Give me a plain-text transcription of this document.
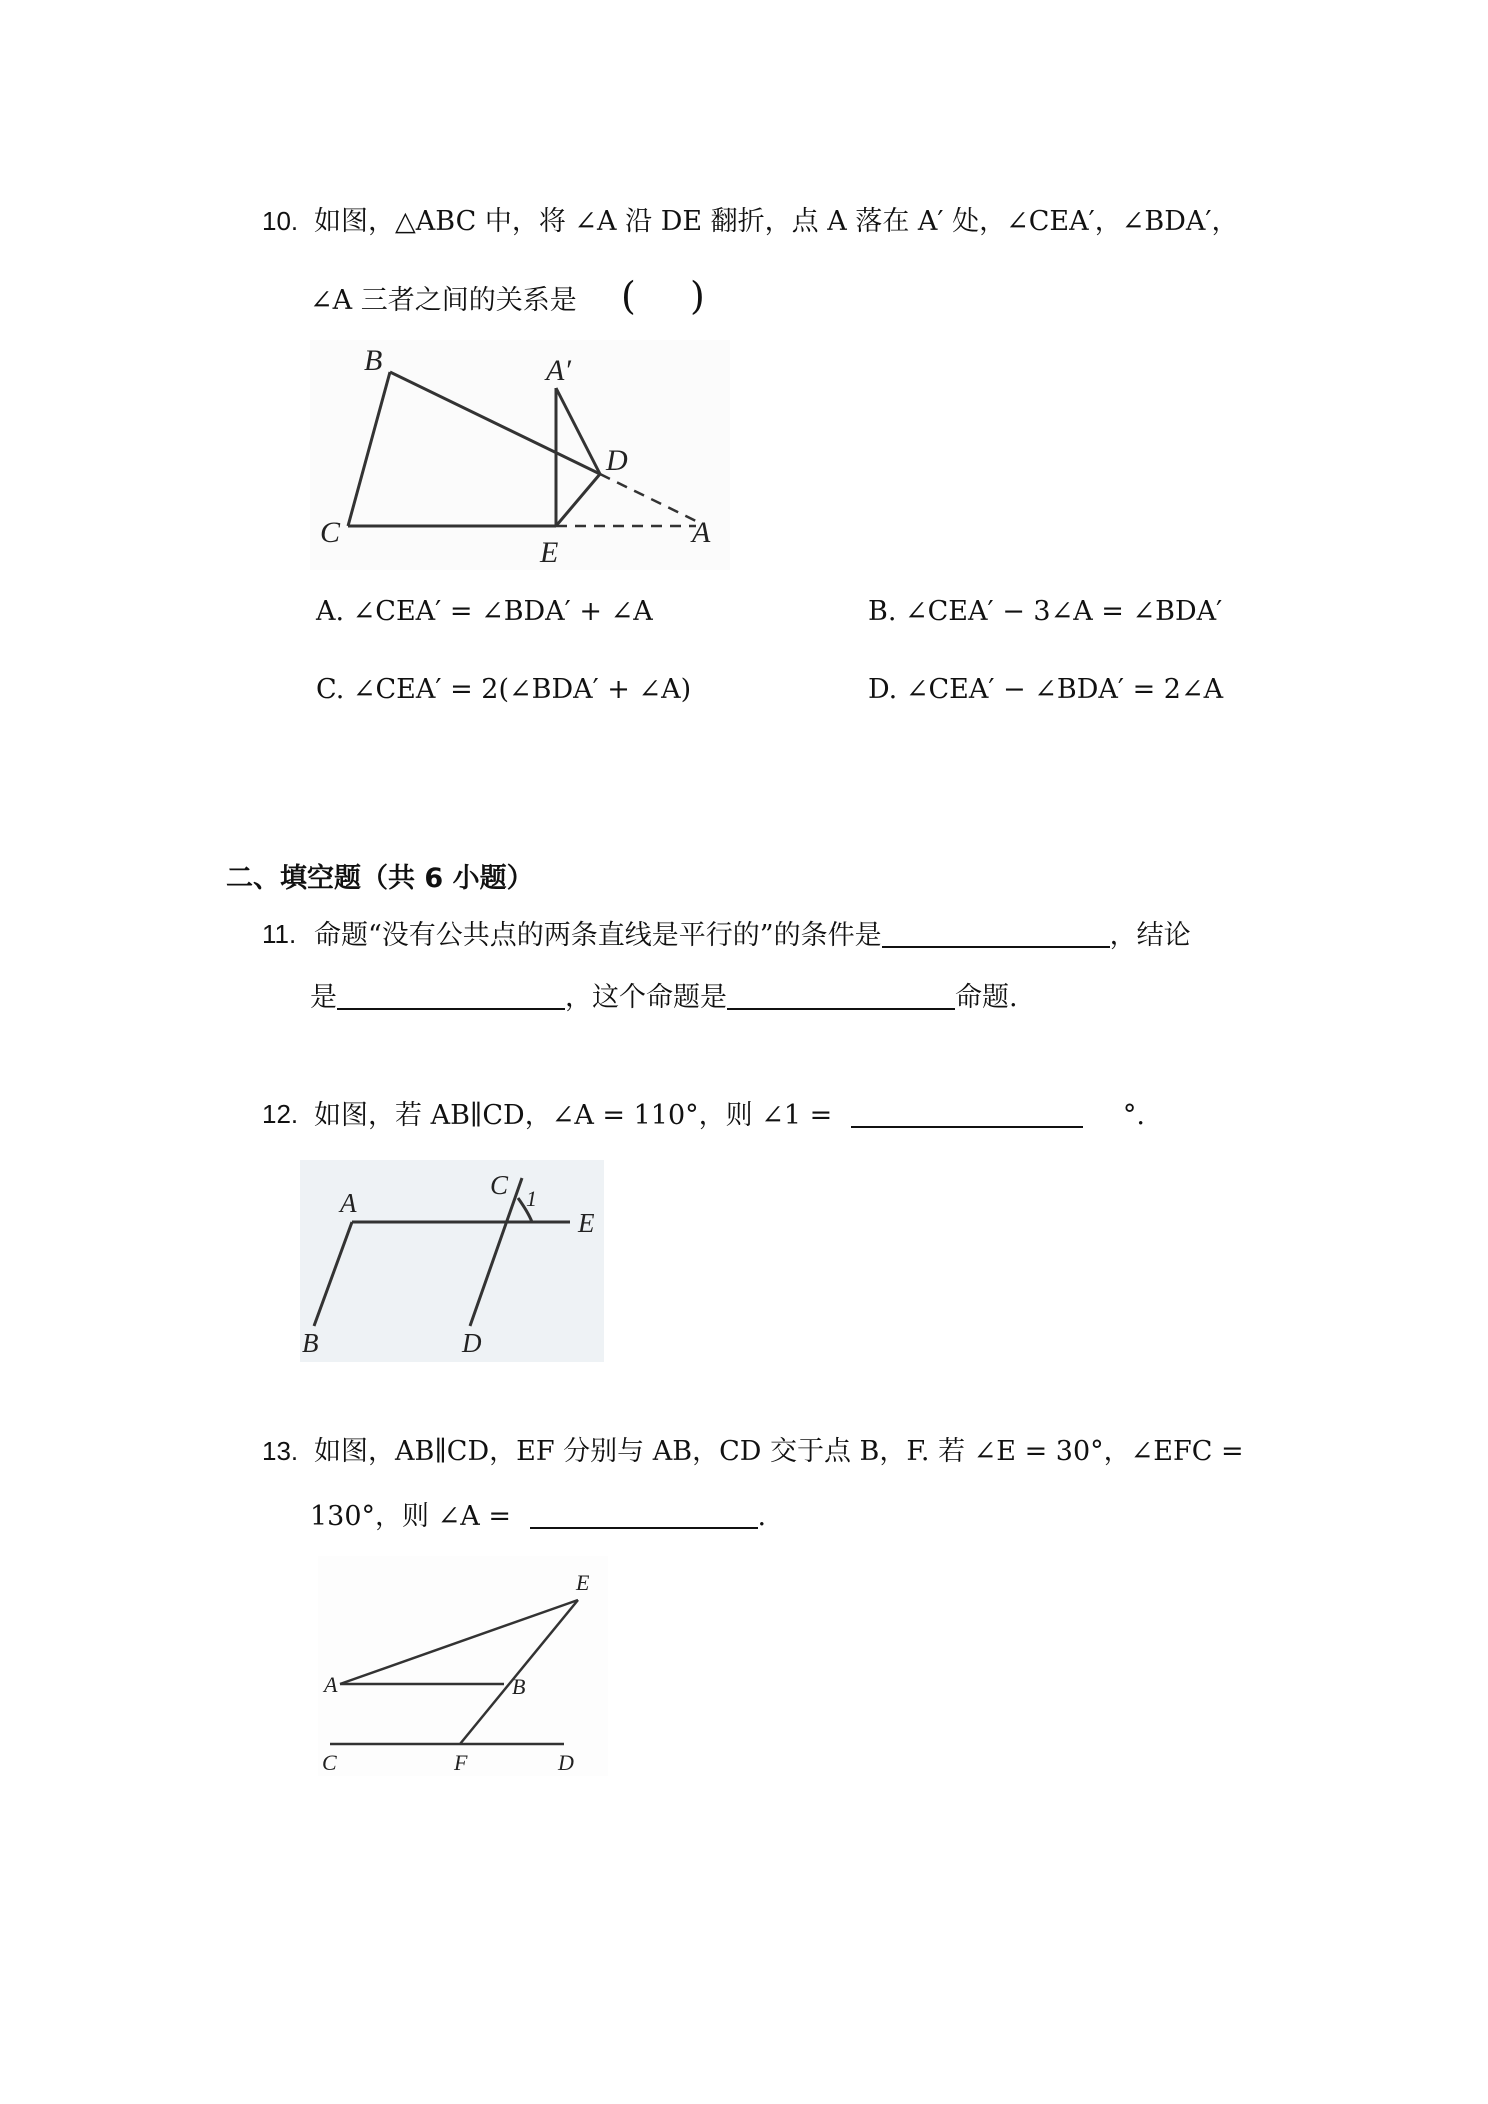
10. 如图，△ABC 中，将 ∠A 沿 DE 翻折，点 A 落在 A′ 处，∠CEA′，∠BDA′，
∠A 三者之间的关系是 ( )
B	A′
D
C
E
A
A. ∠CEA′ = ∠BDA′ + ∠A	B. ∠CEA′ − 3∠A = ∠BDA′
C. ∠CEA′ = 2(∠BDA′ + ∠A)	D. ∠CEA′ − ∠BDA′ = 2∠A
二、填空题（共 6 小题）
11. 命题“没有公共点的两条直线是平行的”的条件是	，结论
是	，这个命题是	命题.
12. 如图，若 AB∥CD，∠A = 110°，则 ∠1 =	°.
A
C 1
E
B	D
13. 如图，AB∥CD，EF 分别与 AB，CD 交于点 B，F. 若 ∠E = 30°，∠EFC =
130°，则 ∠A =	.
E
A	B
C	F	D
